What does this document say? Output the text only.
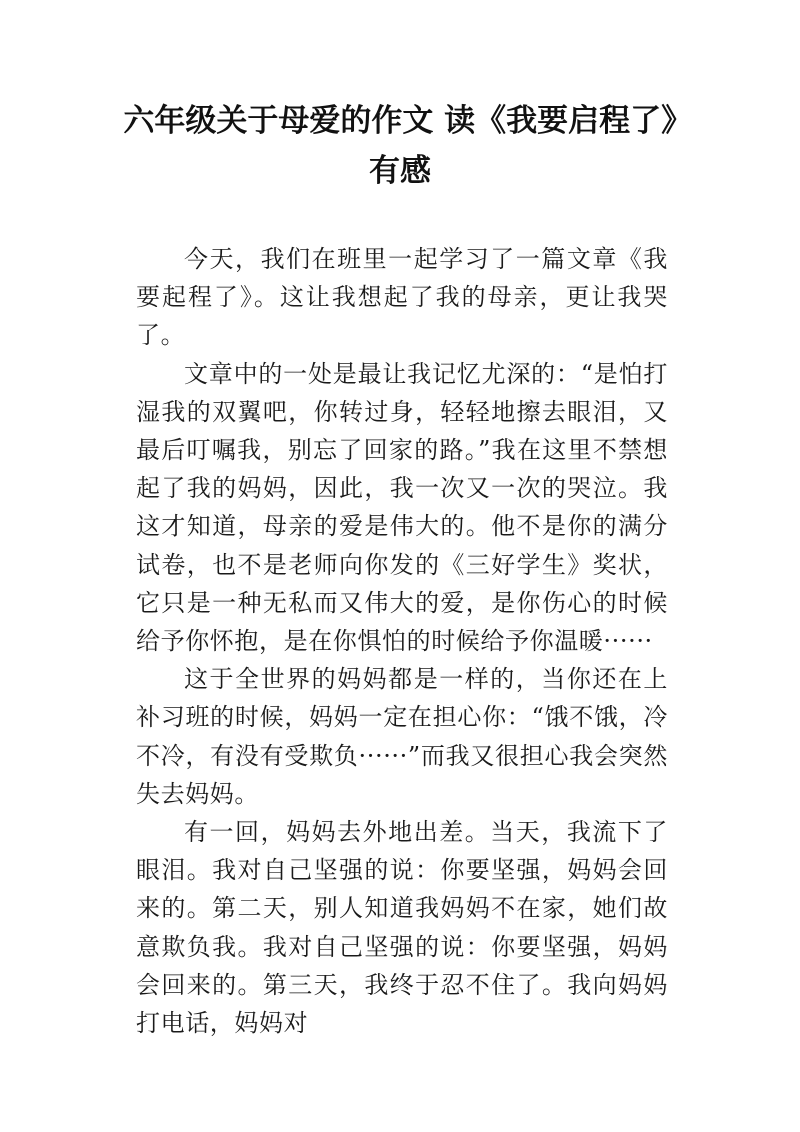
六年级关于母爱的作文 读《我要启程了》有感

今天，我们在班里一起学习了一篇文章《我要起程了》。这让我想起了我的母亲，更让我哭了。

文章中的一处是最让我记忆尤深的：“是怕打湿我的双翼吧，你转过身，轻轻地擦去眼泪，又最后叮嘱我，别忘了回家的路。”我在这里不禁想起了我的妈妈，因此，我一次又一次的哭泣。我这才知道，母亲的爱是伟大的。他不是你的满分试卷，也不是老师向你发的《三好学生》奖状，它只是一种无私而又伟大的爱，是你伤心的时候给予你怀抱，是在你惧怕的时候给予你温暖······

这于全世界的妈妈都是一样的，当你还在上补习班的时候，妈妈一定在担心你：“饿不饿，冷不冷，有没有受欺负······”而我又很担心我会突然失去妈妈。

有一回，妈妈去外地出差。当天，我流下了眼泪。我对自己坚强的说：你要坚强，妈妈会回来的。第二天，别人知道我妈妈不在家，她们故意欺负我。我对自己坚强的说：你要坚强，妈妈会回来的。第三天，我终于忍不住了。我向妈妈打电话，妈妈对
